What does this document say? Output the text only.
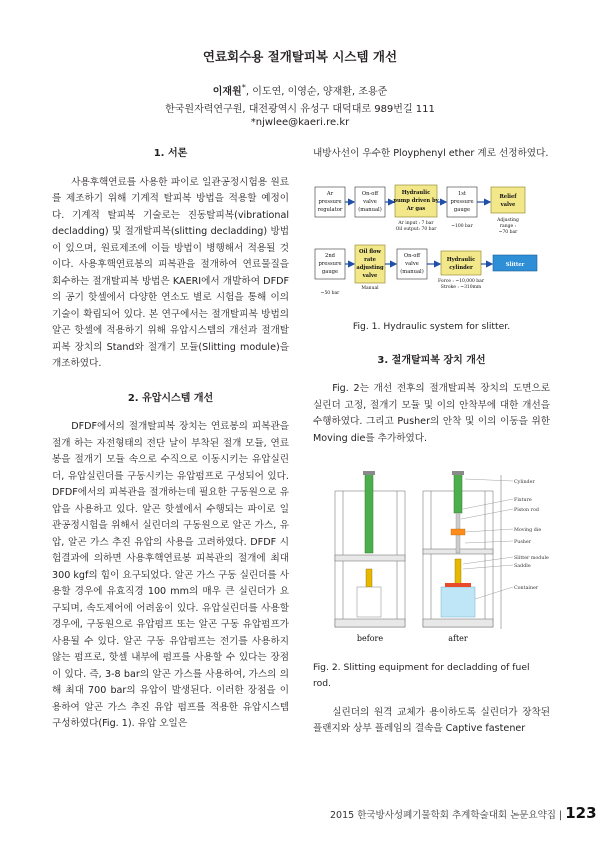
연료회수용 절개탈피복 시스템 개선

이재원*, 이도연, 이영순, 양재환, 조용준

한국원자력연구원, 대전광역시 유성구 대덕대로 989번길 111

*njwlee@kaeri.re.kr

1. 서론

사용후핵연료를 사용한 파이로 일관공정시험용 원료를 제조하기 위해 기계적 탈피복 방법을 적용할 예정이다. 기계적 탈피복 기술로는 진동탈피복(vibrational decladding) 및 절개탈피복(slitting decladding) 방법이 있으며, 원료제조에 이들 방법이 병행해서 적용될 것이다. 사용후핵연료봉의 피복관을 절개하여 연료물질을 회수하는 절개탈피복 방법은 KAERI에서 개발하여 DFDF의 공기 핫셀에서 다양한 연소도 별로 시험을 통해 이의 기술이 확립되어 있다. 본 연구에서는 절개탈피복 방법의 알곤 핫셀에 적용하기 위해 유압시스템의 개선과 절개탈피복 장치의 Stand와 절개기 모듈(Slitting module)을 개조하였다.

2. 유압시스템 개선

DFDF에서의 절개탈피복 장치는 연료봉의 피복관을 절개 하는 자전형태의 전단 날이 부착된 절개 모듈, 연료봉을 절개기 모듈 속으로 수직으로 이동시키는 유압실린더, 유압실린더를 구동시키는 유압펌프로 구성되어 있다. DFDF에서의 피복관을 절개하는데 필요한 구동원으로 유압을 사용하고 있다. 알곤 핫셀에서 수행되는 파이로 일관공정시험을 위해서 실린더의 구동원으로 알곤 가스, 유압, 알곤 가스 추진 유압의 사용을 고려하였다. DFDF 시험결과에 의하면 사용후핵연료봉 피복관의 절개에 최대 300 kgf의 힘이 요구되었다. 알곤 가스 구동 실린더를 사용할 경우에 유효직경 100 mm의 매우 큰 실린더가 요구되며, 속도제어에 어려움이 있다. 유압실린더를 사용할 경우에, 구동원으로 유압펌프 또는 알곤 구동 유압펌프가 사용될 수 있다. 알곤 구동 유압펌프는 전기를 사용하지 않는 펌프로, 핫셀 내부에 펌프를 사용할 수 있다는 장점이 있다. 즉, 3-8 bar의 알곤 가스를 사용하여, 가스의 의해 최대 700 bar의 유압이 발생된다. 이러한 장점을 이용하여 알곤 가스 추진 유압 펌프를 적용한 유압시스템 구성하였다(Fig. 1). 유압 오일은

내방사선이 우수한 Ployphenyl ether 계로 선정하였다.

Ar
pressure
regulator
On-off
valve
(manual)
Hydraulic
pump driven by
Ar gas
Ar input : 7 bar
Oil output: 70 bar
1st
pressure
gauge
~100 bar
Relief
valve
Adjusting
range :
~70 bar
2nd
pressure
gauge
~50 bar
Oil flow
rate
adjusting
valve
Manual
On-off
valve
(manual)
Hydraulic
cylinder
Force : ~10,000 bar
Stroke : ~310mm
Slitter

Fig. 1. Hydraulic system for slitter.

3. 절개탈피복 장치 개선

Fig. 2는 개선 전후의 절개탈피복 장치의 도면으로 실린더 고정, 절개기 모듈 및 이의 안착부에 대한 개선을 수행하였다. 그리고 Pusher의 안착 및 이의 이동을 위한 Moving die를 추가하였다.

Cylinder
Fixture
Piston rod
Moving die
Pusher
Slitter module
Saddle
Container
before	after

Fig. 2. Slitting equipment for decladding of fuel rod.

실린더의 원격 교체가 용이하도록 실린더가 장착된 플랜지와 상부 플레임의 결속을 Captive fastener

2015 한국방사성폐기물학회 추계학술대회 논문요약집 | 123
